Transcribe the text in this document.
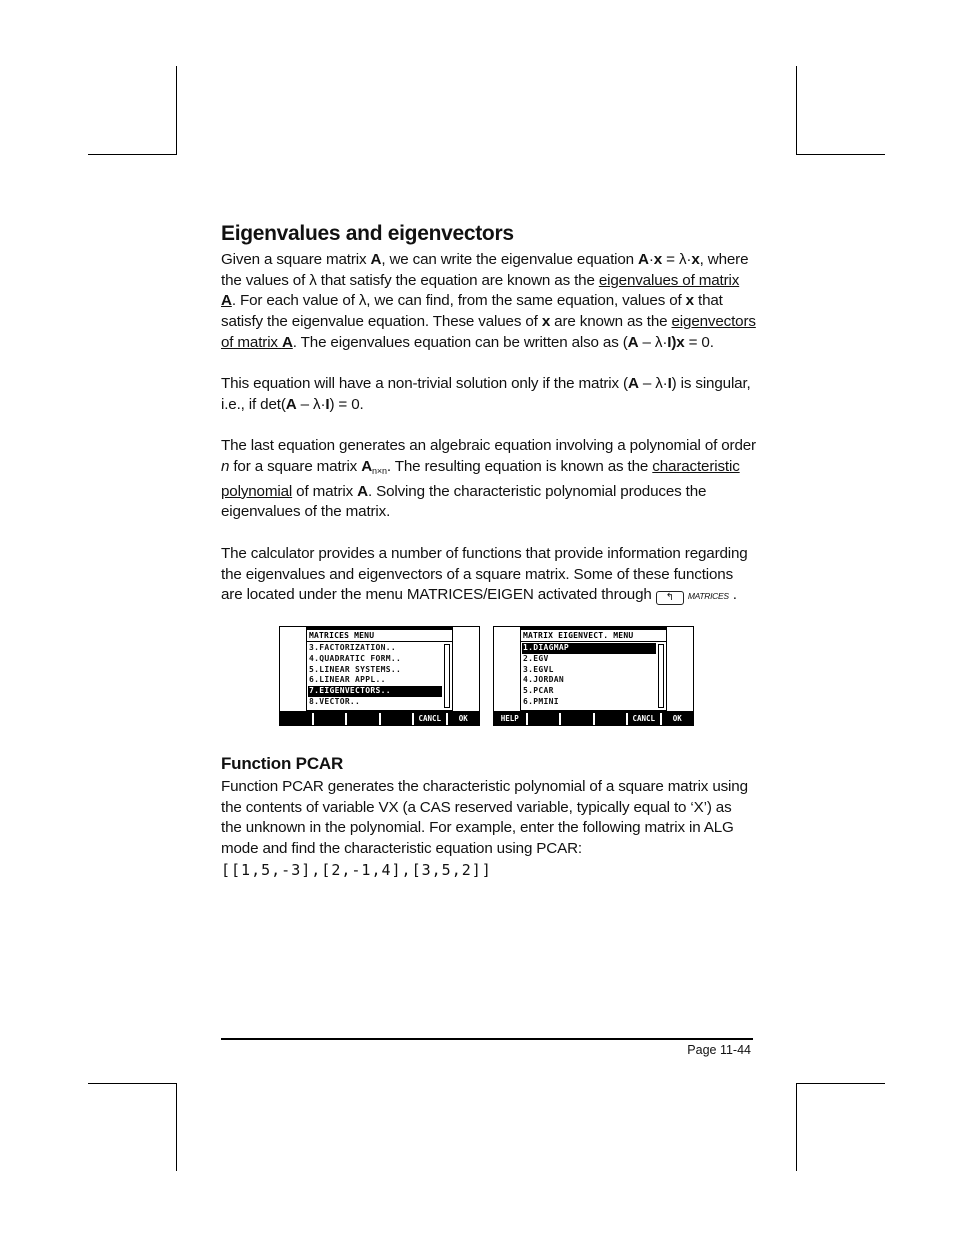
Eigenvalues and eigenvectors

Given a square matrix A, we can write the eigenvalue equation A·x = λ·x, where the values of λ that satisfy the equation are known as the eigenvalues of matrix A. For each value of λ, we can find, from the same equation, values of x that satisfy the eigenvalue equation. These values of x are known as the eigenvectors of matrix A. The eigenvalues equation can be written also as (A – λ·I)x = 0.

This equation will have a non-trivial solution only if the matrix (A – λ·I) is singular, i.e., if det(A – λ·I) = 0.

The last equation generates an algebraic equation involving a polynomial of order n for a square matrix $A_{n\times n}$. The resulting equation is known as the characteristic polynomial of matrix A. Solving the characteristic polynomial produces the eigenvalues of the matrix.

The calculator provides a number of functions that provide information regarding the eigenvalues and eigenvectors of a square matrix. Some of these functions are located under the menu MATRICES/EIGEN activated through ↰ MATRICES .

MATRICES MENU
3.FACTORIZATION..
4.QUADRATIC FORM..
5.LINEAR SYSTEMS..
6.LINEAR APPL..
7.EIGENVECTORS..
8.VECTOR..
CANCL	OK
MATRIX EIGENVECT. MENU
1.DIAGMAP
2.EGV
3.EGVL
4.JORDAN
5.PCAR
6.PMINI
HELP	CANCL	OK
Function PCAR

Function PCAR generates the characteristic polynomial of a square matrix using the contents of variable VX (a CAS reserved variable, typically equal to ‘X’) as the unknown in the polynomial. For example, enter the following matrix in ALG mode and find the characteristic equation using PCAR:

[[1,5,-3],[2,-1,4],[3,5,2]]
Page 11-44
